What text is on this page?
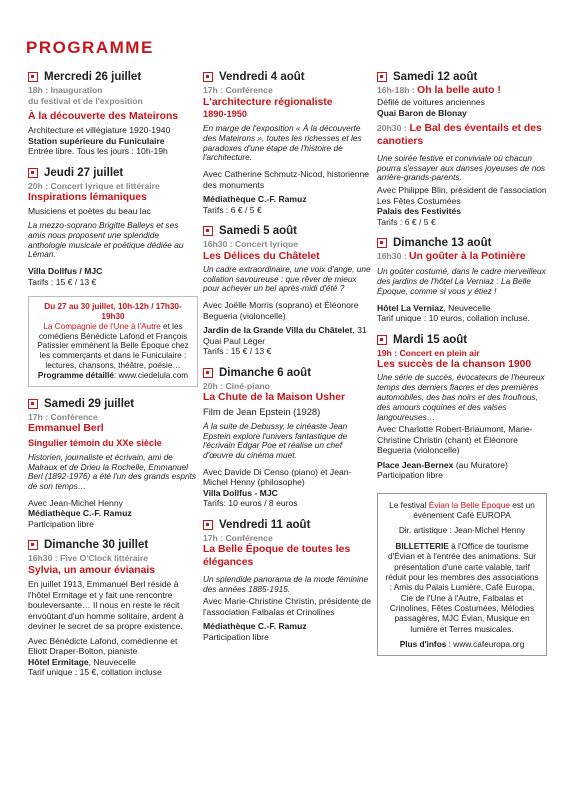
PROGRAMME
Mercredi 26 juillet
18h : Inauguration
du festival et de l'exposition
À la découverte des Mateirons
Architecture et villégiature 1920-1940
Station supérieure du Funiculaire
Entrée libre. Tous les jours : 10h-19h
Jeudi 27 juillet
20h : Concert lyrique et littéraire
Inspirations lémaniques
Musiciens et poètes du beau lac
La mezzo-soprano Brigitte Balleys et ses amis nous proposent une splendide anthologie musicale et poétique dédiée au Léman.
Villa Dollfus / MJC
Tarifs : 15 € / 13 €
Du 27 au 30 juillet, 10h-12h / 17h30-19h30
La Compagnie de l'Une à l'Autre et les comédiens Bénédicte Lafond et François Patissier emmènent la Belle Époque chez les commerçants et dans le Funiculaire : lectures, chansons, théâtre, poésie…
Programme détaillé: www.ciedelula.com
Samedi 29 juillet
17h : Conférence
Emmanuel Berl
Singulier témoin du XXe siècle
Historien, journaliste et écrivain, ami de Malraux et de Drieu la Rochelle, Emmanuel Berl (1892-1976) a été l'un des grands esprits de son temps…
Avec Jean-Michel Henny
Médiathèque C.-F. Ramuz
Participation libre
Dimanche 30 juillet
16h30 : Five O'Clock littéraire
Sylvia, un amour évianais
En juillet 1913, Emmanuel Berl réside à l'hôtel Ermitage et y fait une rencontre bouleversante… Il nous en reste le récit envoûtant d'un homme solitaire, ardent à deviner le secret de sa propre existence.
Avec Bénédicte Lafond, comédienne et Eliott Draper-Bolton, pianiste
Hôtel Ermitage, Neuvecelle
Tarif unique : 15 €, collation incluse
Vendredi 4 août
17h : Conférence
L'architecture régionaliste
1890-1950
En marge de l'exposition « À la découverte des Mateirons », toutes les richesses et les paradoxes d'une étape de l'histoire de l'architecture.
Avec Catherine Schmutz-Nicod, historienne des monuments
Médiathèque C.-F. Ramuz
Tarifs : 6 € / 5 €
Samedi 5 août
16h30 : Concert lyrique
Les Délices du Châtelet
Un cadre extraordinaire, une voix d'ange, une collation savoureuse : que rêver de mieux pour achever un bel après-midi d'été ?
Avec Joëlle Morris (soprano) et Éléonore Begueria (violoncelle)
Jardin de la Grande Villa du Châtelet, 31 Quai Paul Léger
Tarifs : 15 € / 13 €
Dimanche 6 août
20h : Ciné-piano
La Chute de la Maison Usher
Film de Jean Epstein (1928)
À la suite de Debussy, le cinéaste Jean Epstein explore l'univers fantastique de l'écrivain Edgar Poe et réalise un chef d'œuvre du cinéma muet.
Avec Davide Di Censo (piano) et Jean-Michel Henny (philosophe)
Villa Dollfus - MJC
Tarifs: 10 euros / 8 euros
Vendredi 11 août
17h : Conférence
La Belle Époque de toutes les élégances
Un splendide panorama de la mode féminine des années 1885-1915.
Avec Marie-Christine Christin, présidente de l'association Falbalas et Crinolines
Médiathèque C.-F. Ramuz
Participation libre
Samedi 12 août
16h-18h : Oh la belle auto !
Défilé de voitures anciennes
Quai Baron de Blonay
20h30 : Le Bal des éventails et des canotiers
Une soirée festive et conviviale où chacun pourra s'essayer aux danses joyeuses de nos arrière-grands-parents.
Avec Philippe Blin, président de l'association Les Fêtes Costumées
Palais des Festivités
Tarifs : 6 € / 5 €
Dimanche 13 août
16h30 : Un goûter à la Potinière
Un goûter costumé, dans le cadre merveilleux des jardins de l'hôtel La Verniaz : La Belle Époque, comme si vous y étiez !
Hôtel La Verniaz, Neuvecelle
Tarif unique : 10 euros, collation incluse.
Mardi 15 août
19h : Concert en plein air
Les succès de la chanson 1900
Une série de succès, évocateurs de l'heureux temps des derniers fiacres et des premières automobiles, des bas noirs et des froufrous, des amours coquines et des valses langoureuses…
Avec Charlotte Robert-Briaumont, Marie-Christine Christin (chant) et Éléonore Begueria (violoncelle)
Place Jean-Bernex (au Muratore)
Participation libre

Le festival Évian la Belle Époque est un événement Café EUROPA

Dir. artistique : Jean-Michel Henny

BILLETTERIE à l'Office de tourisme d'Évian et à l'entrée des animations. Sur présentation d'une carte valable, tarif réduit pour les membres des associations : Amis du Palais Lumière, Café Europa, Cie de l'Une à l'Autre, Falbalas et Crinolines, Fêtes Costumées, Mélodies passagères, MJC Évian, Musique en lumière et Terres musicales.

Plus d'infos : www.cafeuropa.org
